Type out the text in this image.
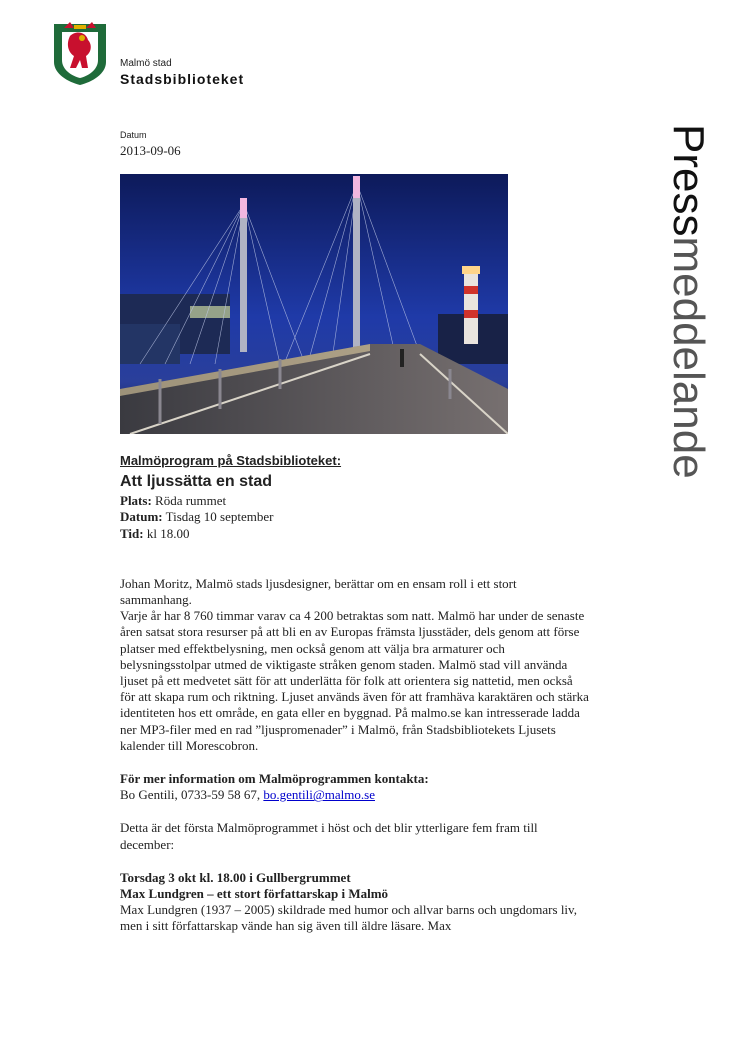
Malmö stad
Stadsbiblioteket
Datum
2013-09-06	Pressmeddelande
Malmöprogram på Stadsbiblioteket:
Att ljussätta en stad
Plats: Röda rummet
Datum: Tisdag 10 september
Tid: kl 18.00

Johan Moritz, Malmö stads ljusdesigner, berättar om en ensam roll i ett stort sammanhang.

Varje år har 8 760 timmar varav ca 4 200 betraktas som natt. Malmö har under de senaste åren satsat stora resurser på att bli en av Europas främsta ljusstäder, dels genom att förse platser med effektbelysning, men också genom att välja bra armaturer och belysningsstolpar utmed de viktigaste stråken genom staden. Malmö stad vill använda ljuset på ett medvetet sätt för att underlätta för folk att orientera sig nattetid, men också för att skapa rum och riktning. Ljuset används även för att framhäva karaktären och stärka identiteten hos ett område, en gata eller en byggnad. På malmo.se kan intresserade ladda ner MP3-filer med en rad ”ljuspromenader” i Malmö, från Stadsbibliotekets Ljusets kalender till Morescobron.

För mer information om Malmöprogrammen kontakta:

Bo Gentili, 0733-59 58 67, bo.gentili@malmo.se

Detta är det första Malmöprogrammet i höst och det blir ytterligare fem fram till december:

Torsdag 3 okt kl. 18.00 i Gullbergrummet

Max Lundgren – ett stort författarskap i Malmö

Max Lundgren (1937 – 2005) skildrade med humor och allvar barns och ungdomars liv, men i sitt författarskap vände han sig även till äldre läsare. Max
